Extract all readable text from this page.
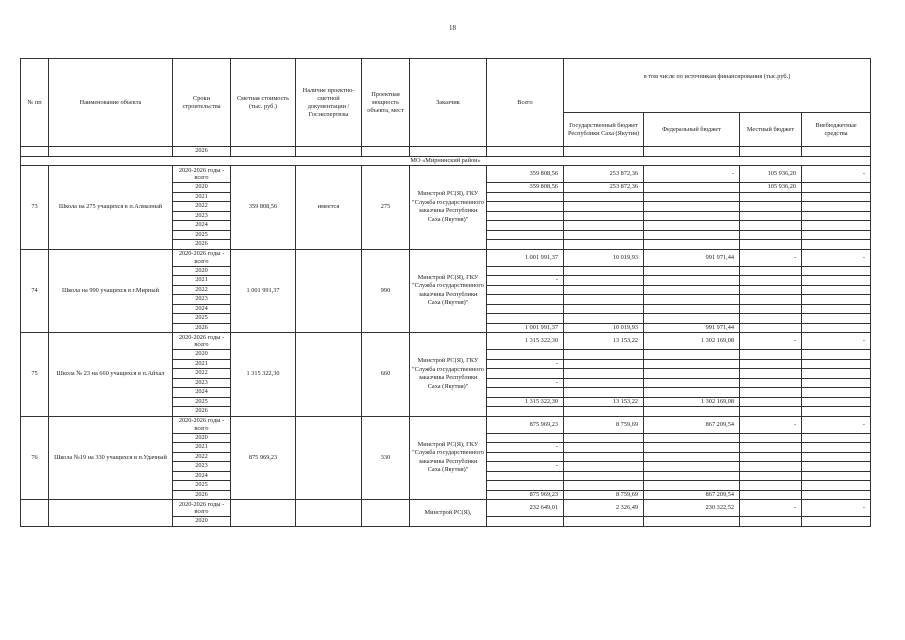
18
№ пп	Наименование объекта	Сроки строительства	Сметная стоимость (тыс. руб.)	Наличие проектно-сметной документации /Госэкспертизы	Проектная мощность объекта, мест	Заказчик	Всего	в том числе по источникам финансирования (тыс.руб.)			
								Государственный бюджет Республики Саха (Якутия)	Федеральный бюджет	Местный бюджет	Внебюджетные средства
		2026									
МО «Мирнинский район»											
73	Школа на 275 учащихся в п.Алмазный	2020-2026 годы - всего	359 808,56	имеется	275	Минстрой РС(Я), ГКУ "Служба государственного заказчика Республики Саха (Якутия)"	359 808,56	253 872,36	-	105 936,20	-
		2020					359 808,56	253 872,36		105 936,20	
		2021									
		2022									
		2023									
		2024									
		2025									
		2026									
74	Школа на 990 учащихся в г.Мирный	2020-2026 годы - всего	1 001 991,37		990	Минстрой РС(Я), ГКУ "Служба государственного заказчика Республики Саха (Якутия)"	1 001 991,37	10 019,93	991 971,44	-	-
		2020									
		2021					-				
		2022									
		2023									
		2024									
		2025									
		2026					1 001 991,37	10 019,93	991 971,44		
75	Школа № 23 на 660 учащихся в п.Айхал	2020-2026 годы - всего	1 315 322,30		660	Минстрой РС(Я), ГКУ "Служба государственного заказчика Республики Саха (Якутия)"	1 315 322,30	13 153,22	1 302 169,08	-	-
		2020									
		2021					-				
		2022									
		2023					-				
		2024									
		2025					1 315 322,30	13 153,22	1 302 169,08		
		2026									
76	Школа №19 на 330 учащихся в п.Удачный	2020-2026 годы - всего	875 969,23		330	Минстрой РС(Я), ГКУ "Служба государственного заказчика Республики Саха (Якутия)"	875 969,23	8 759,69	867 209,54	-	-
		2020									
		2021					-				
		2022									
		2023					-				
		2024									
		2025									
		2026					875 969,23	8 759,69	867 209,54		
		2020-2026 годы - всего				Минстрой РС(Я),	232 649,01	2 326,49	230 322,52	-	-
		2020									
